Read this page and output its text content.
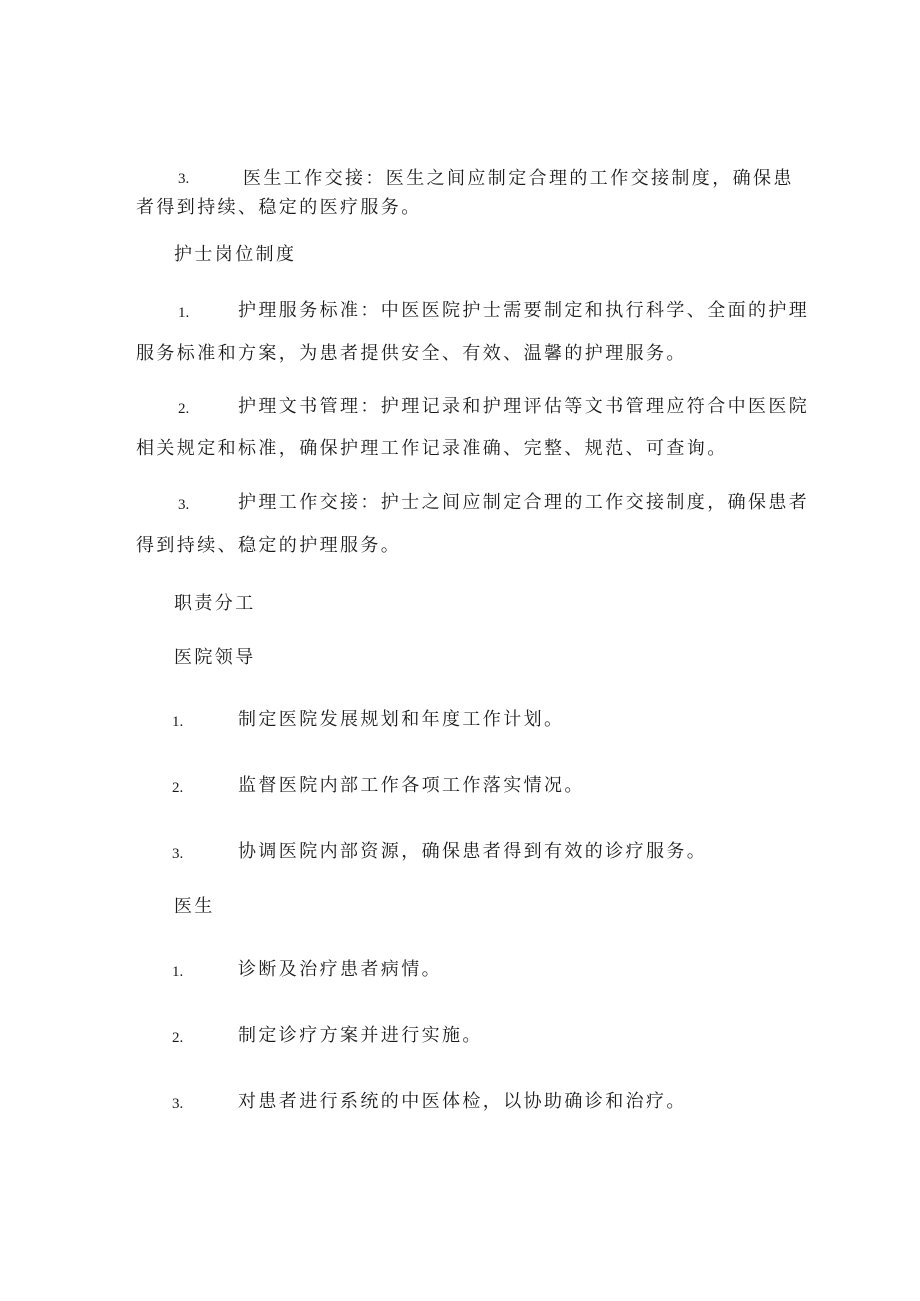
3.	医生工作交接：医生之间应制定合理的工作交接制度，确保患
者得到持续、稳定的医疗服务。
护士岗位制度
1.	护理服务标准：中医医院护士需要制定和执行科学、全面的护理
服务标准和方案，为患者提供安全、有效、温馨的护理服务。
2.	护理文书管理：护理记录和护理评估等文书管理应符合中医医院
相关规定和标准，确保护理工作记录准确、完整、规范、可查询。
3.	护理工作交接：护士之间应制定合理的工作交接制度，确保患者
得到持续、稳定的护理服务。
职责分工
医院领导
1.	制定医院发展规划和年度工作计划。
2.	监督医院内部工作各项工作落实情况。
3.	协调医院内部资源，确保患者得到有效的诊疗服务。
医生
1.	诊断及治疗患者病情。
2.	制定诊疗方案并进行实施。
3.	对患者进行系统的中医体检，以协助确诊和治疗。
